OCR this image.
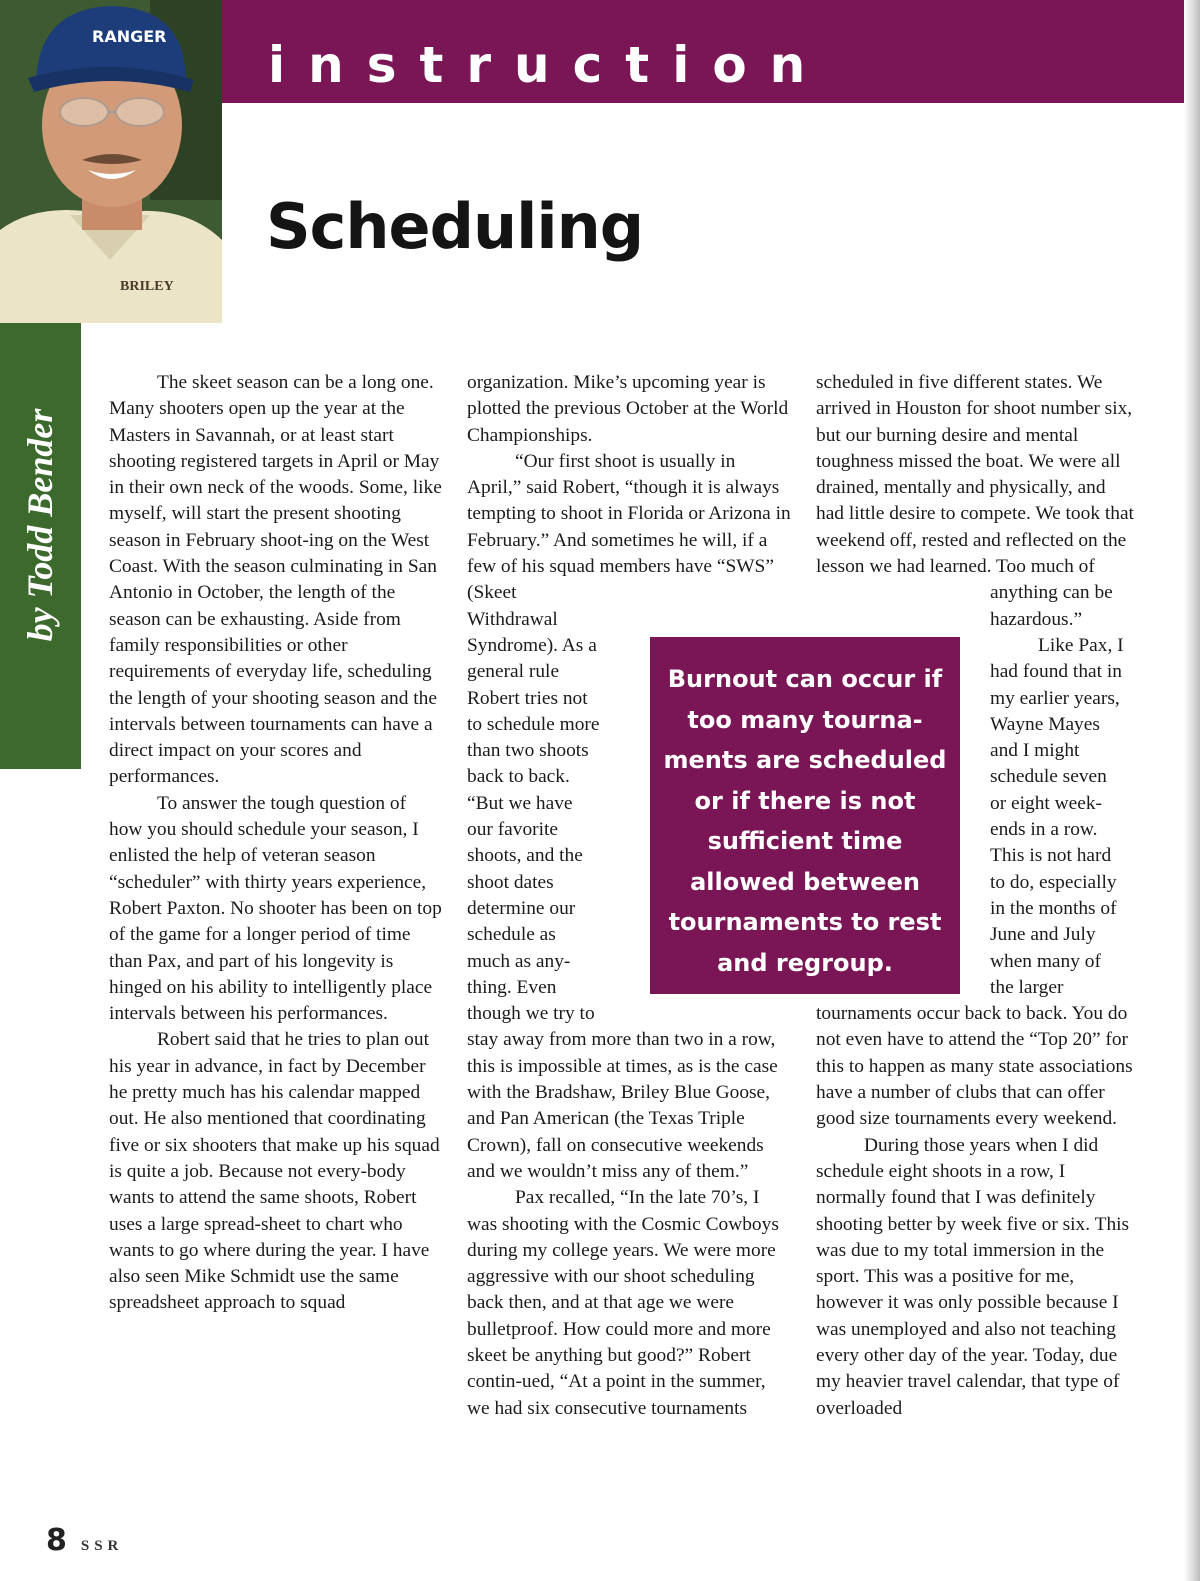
instruction
RANGER
BRILEY
Scheduling
by Todd Bender

The skeet season can be a long one. Many shooters open up the year at the Masters in Savannah, or at least start shooting registered targets in April or May in their own neck of the woods. Some, like myself, will start the present shooting season in February shoot-ing on the West Coast. With the season culminating in San Antonio in October, the length of the season can be exhausting. Aside from family responsibilities or other requirements of everyday life, scheduling the length of your shooting season and the intervals between tournaments can have a direct impact on your scores and performances.

To answer the tough question of how you should schedule your season, I enlisted the help of veteran season “scheduler” with thirty years experience, Robert Paxton. No shooter has been on top of the game for a longer period of time than Pax, and part of his longevity is hinged on his ability to intelligently place intervals between his performances.

Robert said that he tries to plan out his year in advance, in fact by December he pretty much has his calendar mapped out. He also mentioned that coordinating five or six shooters that make up his squad is quite a job. Because not every-body wants to attend the same shoots, Robert uses a large spread-sheet to chart who wants to go where during the year. I have also seen Mike Schmidt use the same spreadsheet approach to squad

organization. Mike’s upcoming year is plotted the previous October at the World Championships.

“Our first shoot is usually in April,” said Robert, “though it is always tempting to shoot in Florida or Arizona in February.” And sometimes he will, if a few of his squad members have “SWS” (Skeet

Withdrawal
Syndrome). As a
general rule
Robert tries not
to schedule more
than two shoots
back to back.
“But we have
our favorite
shoots, and the
shoot dates
determine our
schedule as
much as any-
thing. Even
though we try to

stay away from more than two in a row, this is impossible at times, as is the case with the Bradshaw, Briley Blue Goose, and Pan American (the Texas Triple Crown), fall on consecutive weekends and we wouldn’t miss any of them.”

Pax recalled, “In the late 70’s, I was shooting with the Cosmic Cowboys during my college years. We were more aggressive with our shoot scheduling back then, and at that age we were bulletproof. How could more and more skeet be anything but good?” Robert contin-ued, “At a point in the summer, we had six consecutive tournaments

scheduled in five different states. We arrived in Houston for shoot number six, but our burning desire and mental toughness missed the boat. We were all drained, mentally and physically, and had little desire to compete. We took that weekend off, rested and reflected on the lesson we had learned. Too much of

anything can be
hazardous.”
Like Pax, I
had found that in
my earlier years,
Wayne Mayes
and I might
schedule seven
or eight week-
ends in a row.
This is not hard
to do, especially
in the months of
June and July
when many of
the larger

tournaments occur back to back. You do not even have to attend the “Top 20” for this to happen as many state associations have a number of clubs that can offer good size tournaments every weekend.

During those years when I did schedule eight shoots in a row, I normally found that I was definitely shooting better by week five or six. This was due to my total immersion in the sport. This was a positive for me, however it was only possible because I was unemployed and also not teaching every other day of the year. Today, due my heavier travel calendar, that type of overloaded

Burnout can occur if too many tourna-ments are scheduled or if there is not sufficient time allowed between tournaments to rest and regroup.
8 SSR
